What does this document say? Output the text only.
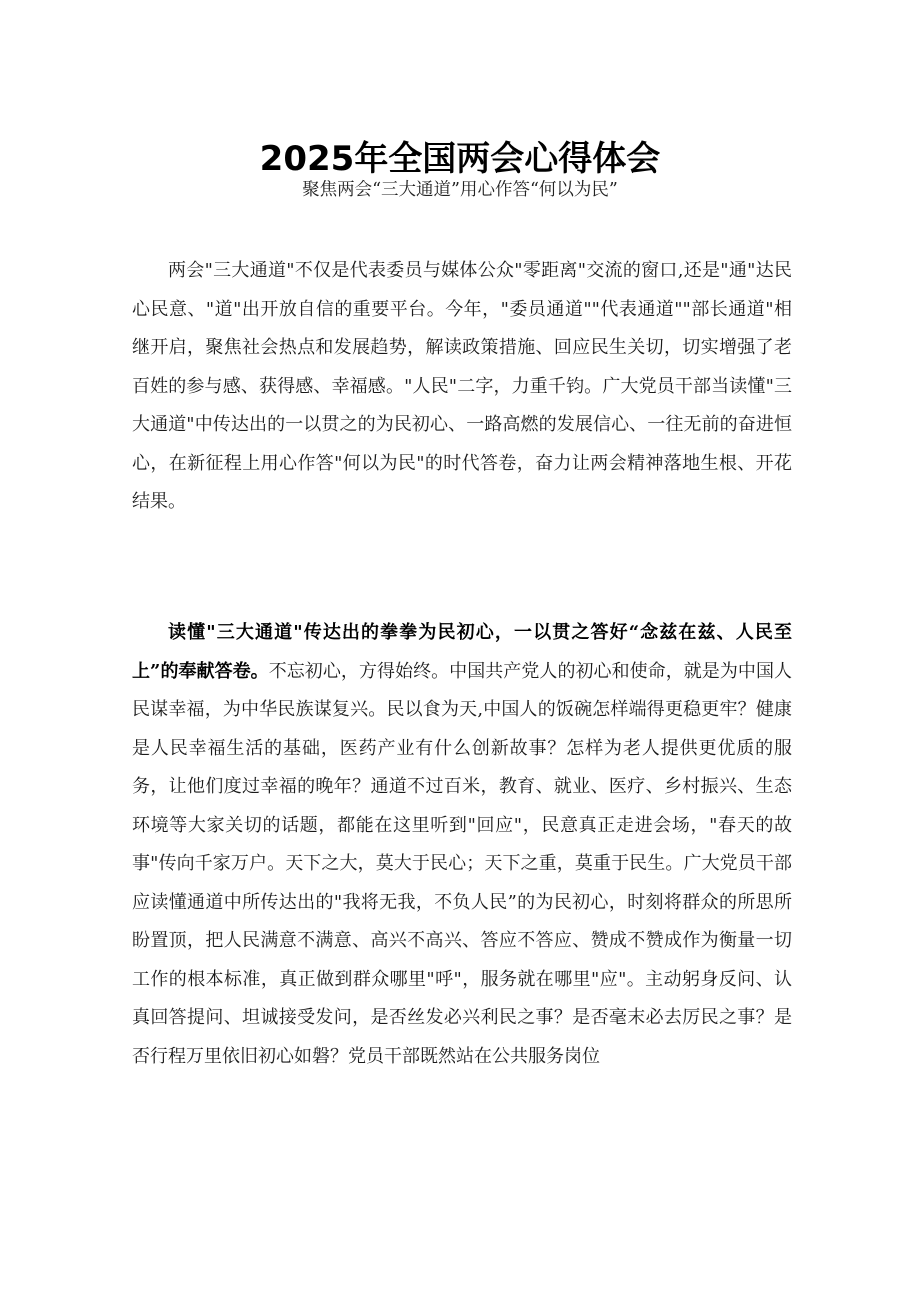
2025年全国两会心得体会
聚焦两会“三大通道”用心作答“何以为民”

两会"三大通道"不仅是代表委员与媒体公众"零距离"交流的窗口,还是"通"达民心民意、"道"出开放自信的重要平台。今年，"委员通道""代表通道""部长通道"相继开启，聚焦社会热点和发展趋势，解读政策措施、回应民生关切，切实增强了老百姓的参与感、获得感、幸福感。"人民"二字，力重千钧。广大党员干部当读懂"三大通道"中传达出的一以贯之的为民初心、一路高燃的发展信心、一往无前的奋进恒心，在新征程上用心作答"何以为民"的时代答卷，奋力让两会精神落地生根、开花结果。

读懂"三大通道"传达出的拳拳为民初心，一以贯之答好“念兹在兹、人民至上”的奉献答卷。不忘初心，方得始终。中国共产党人的初心和使命，就是为中国人民谋幸福，为中华民族谋复兴。民以食为天,中国人的饭碗怎样端得更稳更牢？健康是人民幸福生活的基础，医药产业有什么创新故事？怎样为老人提供更优质的服务，让他们度过幸福的晚年？通道不过百米，教育、就业、医疗、乡村振兴、生态环境等大家关切的话题，都能在这里听到"回应"，民意真正走进会场，"春天的故事"传向千家万户。天下之大，莫大于民心；天下之重，莫重于民生。广大党员干部应读懂通道中所传达出的"我将无我，不负人民”的为民初心，时刻将群众的所思所盼置顶，把人民满意不满意、高兴不高兴、答应不答应、赞成不赞成作为衡量一切工作的根本标准，真正做到群众哪里"呼"，服务就在哪里"应"。主动躬身反问、认真回答提问、坦诚接受发问，是否丝发必兴利民之事？是否毫末必去厉民之事？是否行程万里依旧初心如磐？党员干部既然站在公共服务岗位
